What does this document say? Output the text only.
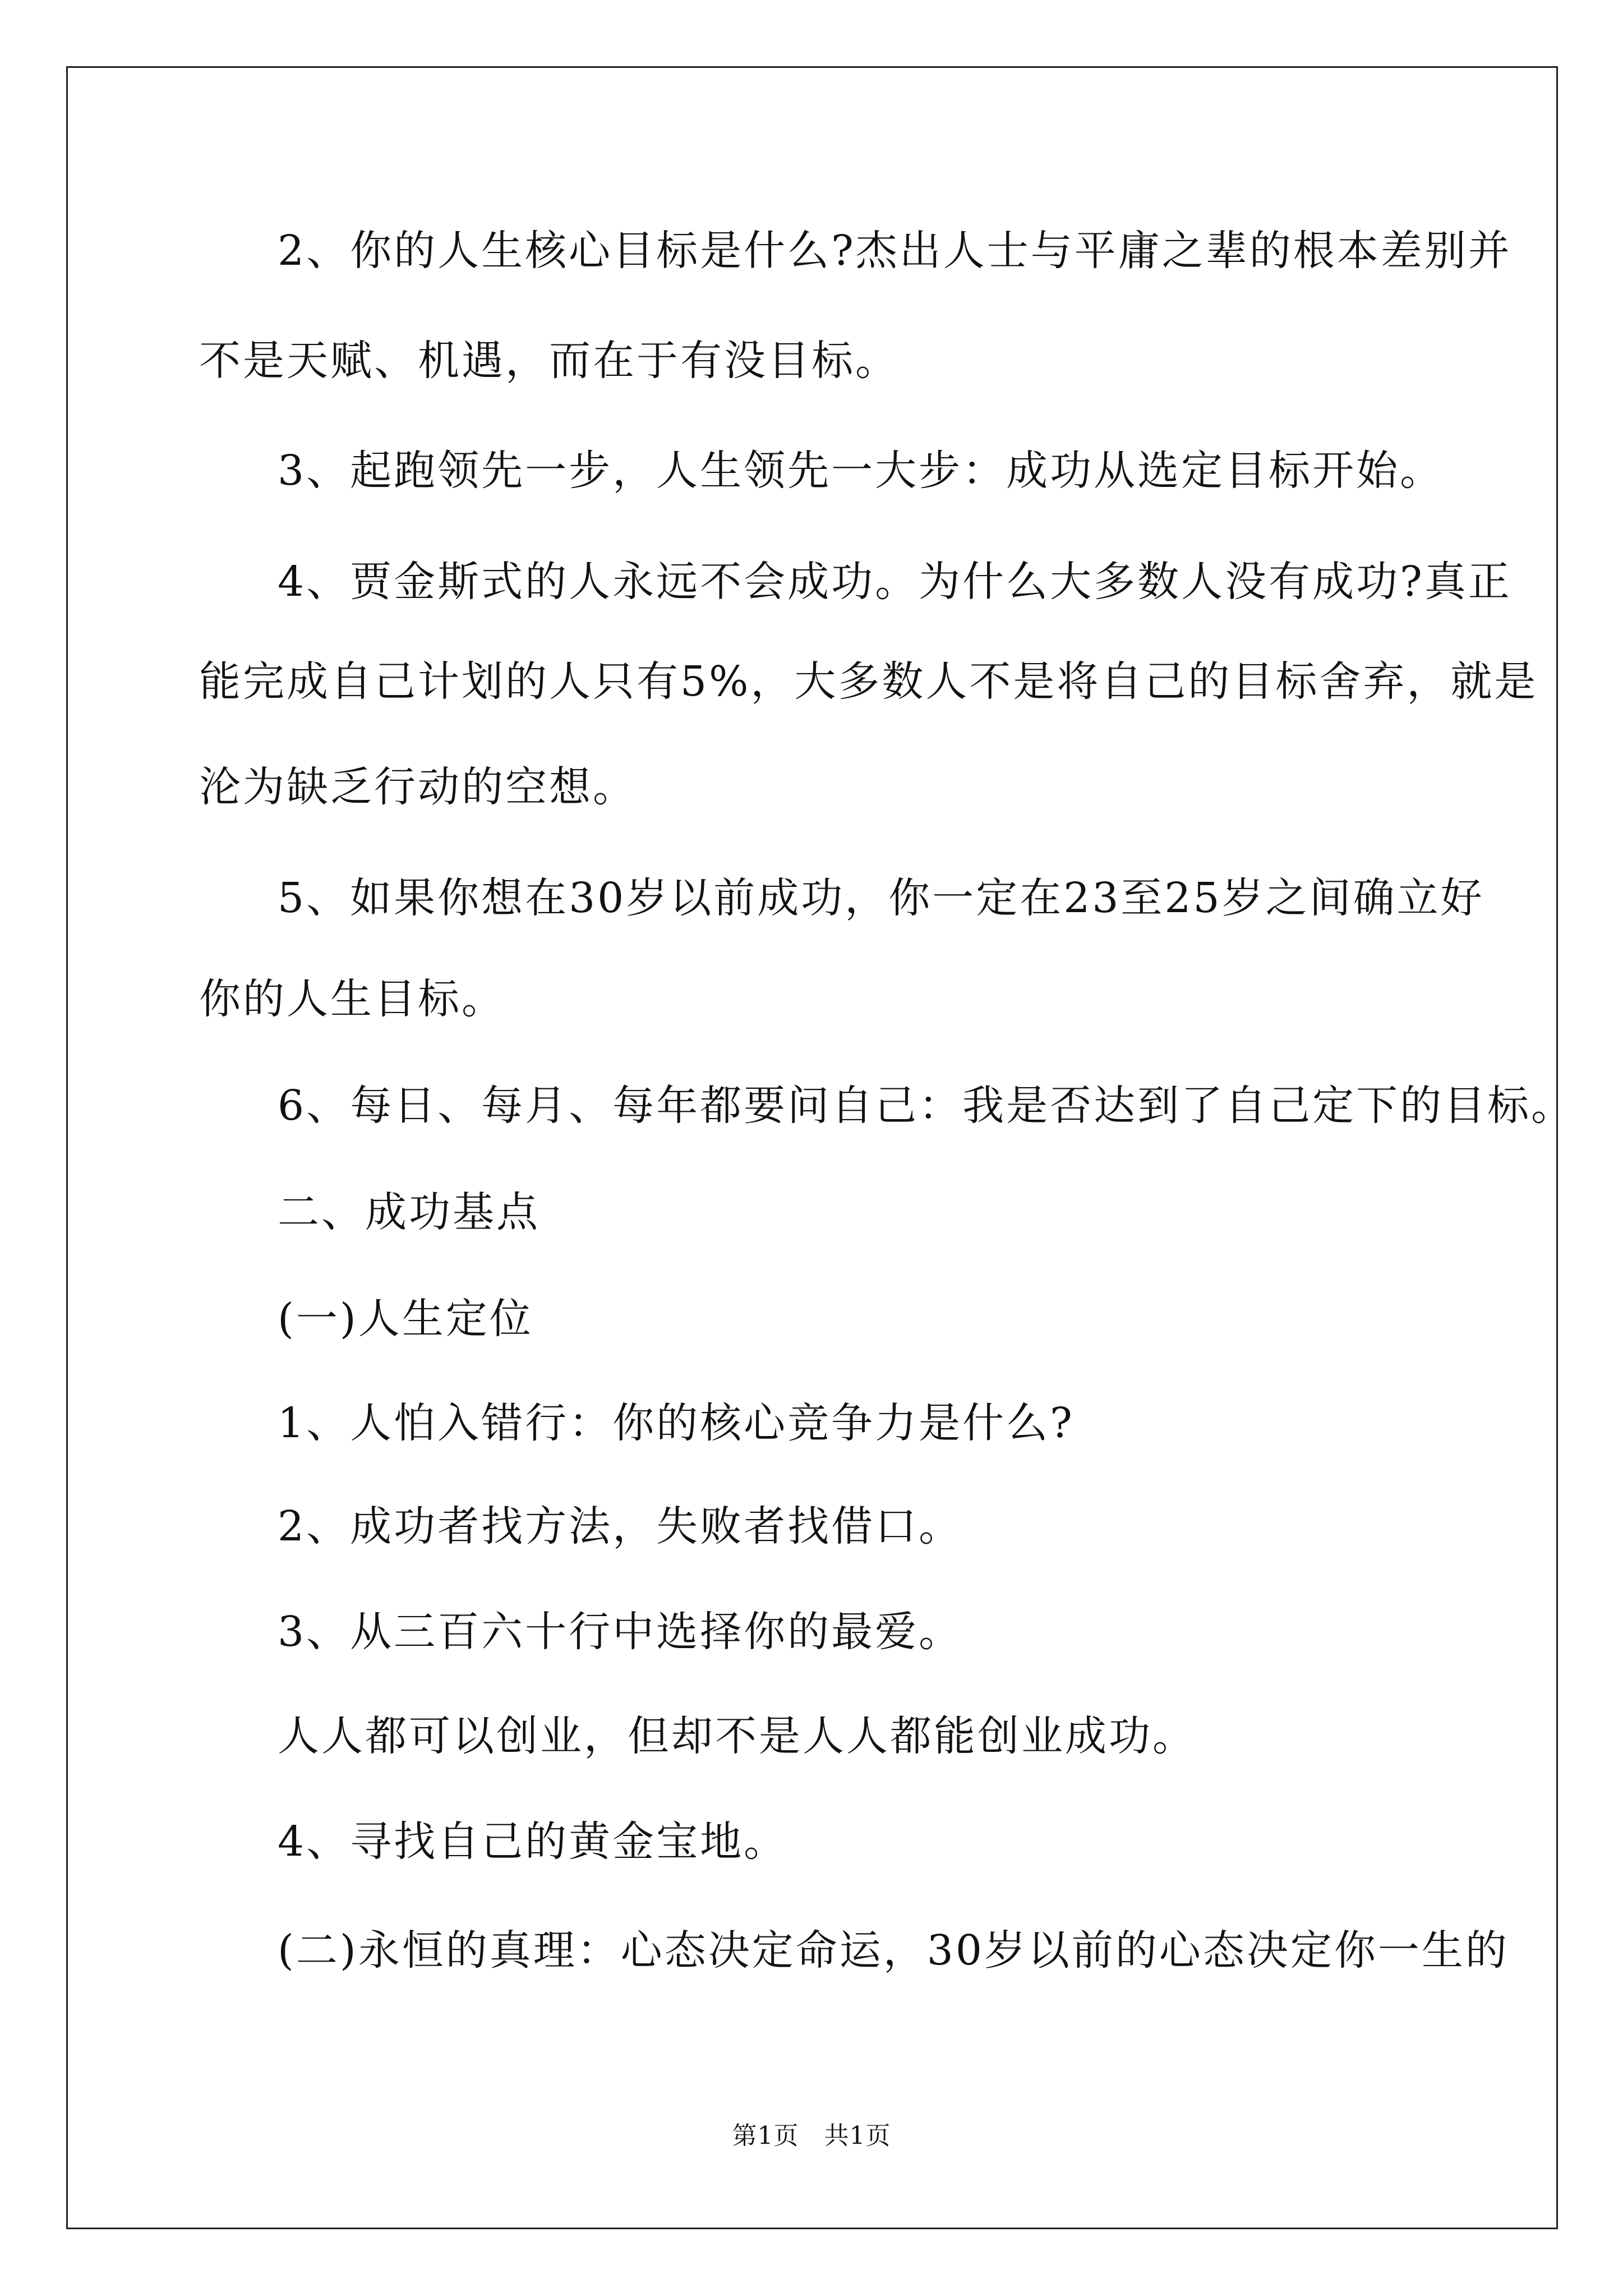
2、你的人生核心目标是什么?杰出人士与平庸之辈的根本差别并
不是天赋、机遇，而在于有没目标。
3、起跑领先一步，人生领先一大步：成功从选定目标开始。
4、贾金斯式的人永远不会成功。为什么大多数人没有成功?真正
能完成自己计划的人只有5%，大多数人不是将自己的目标舍弃，就是
沦为缺乏行动的空想。
5、如果你想在30岁以前成功，你一定在23至25岁之间确立好
你的人生目标。
6、每日、每月、每年都要问自己：我是否达到了自己定下的目标。
二、成功基点
(一)人生定位
1、人怕入错行：你的核心竞争力是什么?
2、成功者找方法，失败者找借口。
3、从三百六十行中选择你的最爱。
人人都可以创业，但却不是人人都能创业成功。
4、寻找自己的黄金宝地。
(二)永恒的真理：心态决定命运，30岁以前的心态决定你一生的
第1页　共1页
